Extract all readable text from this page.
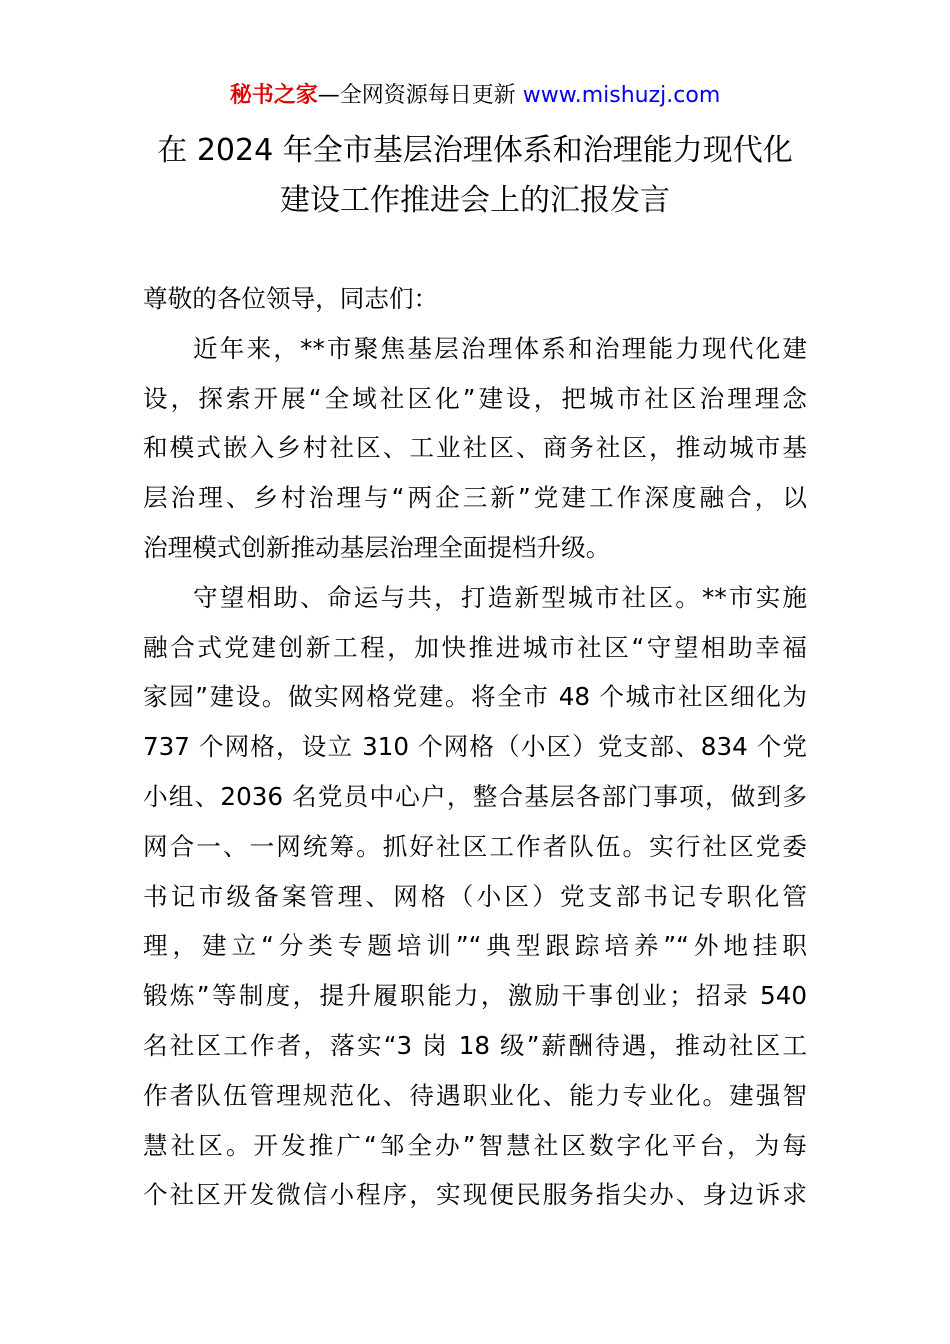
秘书之家—全网资源每日更新 www.mishuzj.com
在 2024 年全市基层治理体系和治理能力现代化
建设工作推进会上的汇报发言
尊敬的各位领导，同志们：
近年来，**市聚焦基层治理体系和治理能力现代化建
设，探索开展“全域社区化”建设，把城市社区治理理念
和模式嵌入乡村社区、工业社区、商务社区，推动城市基
层治理、乡村治理与“两企三新”党建工作深度融合，以
治理模式创新推动基层治理全面提档升级。
守望相助、命运与共，打造新型城市社区。**市实施
融合式党建创新工程，加快推进城市社区“守望相助幸福
家园”建设。做实网格党建。将全市 48 个城市社区细化为
737 个网格，设立 310 个网格（小区）党支部、834 个党
小组、2036 名党员中心户，整合基层各部门事项，做到多
网合一、一网统筹。抓好社区工作者队伍。实行社区党委
书记市级备案管理、网格（小区）党支部书记专职化管
理，建立“分类专题培训”“典型跟踪培养”“外地挂职
锻炼”等制度，提升履职能力，激励干事创业；招录 540
名社区工作者，落实“3 岗 18 级”薪酬待遇，推动社区工
作者队伍管理规范化、待遇职业化、能力专业化。建强智
慧社区。开发推广“邹全办”智慧社区数字化平台，为每
个社区开发微信小程序，实现便民服务指尖办、身边诉求
